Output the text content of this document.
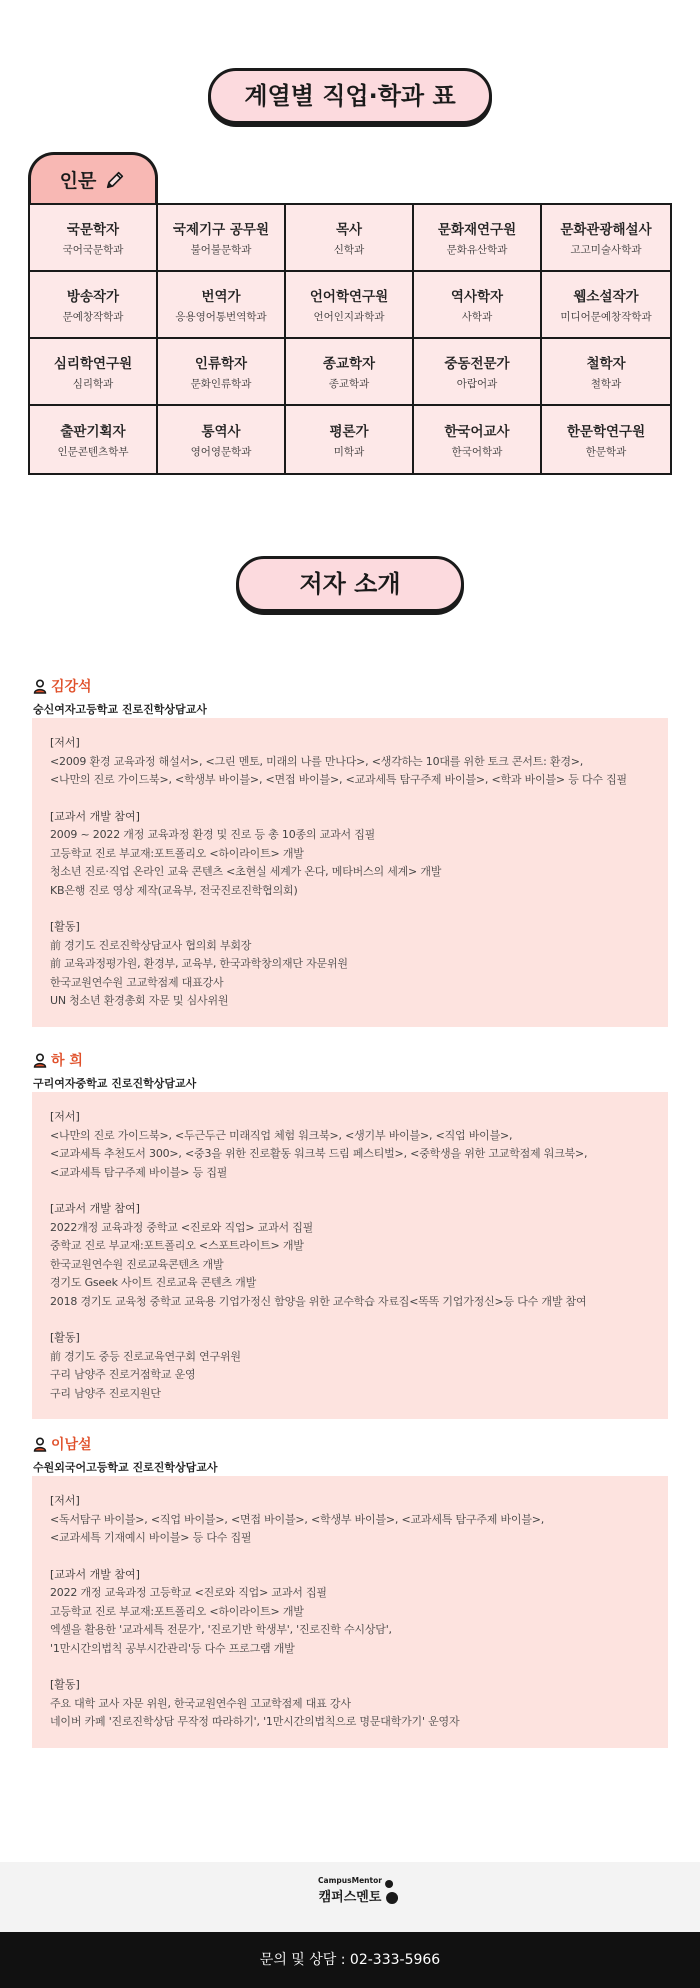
계열별 직업·학과 표
인문
국문학자
국어국문학과
국제기구 공무원
불어불문학과
목사
신학과
문화재연구원
문화유산학과
문화관광해설사
고고미술사학과
방송작가
문예창작학과
번역가
응용영어통번역학과
언어학연구원
언어인지과학과
역사학자
사학과
웹소설작가
미디어문예창작학과
심리학연구원
심리학과
인류학자
문화인류학과
종교학자
종교학과
중동전문가
아랍어과
철학자
철학과
출판기획자
인문콘텐츠학부
통역사
영어영문학과
평론가
미학과
한국어교사
한국어학과
한문학연구원
한문학과
저자 소개
김강석
숭신여자고등학교 진로진학상담교사
[저서]
<2009 환경 교육과정 해설서>, <그린 멘토, 미래의 나를 만나다>, <생각하는 10대를 위한 토크 콘서트: 환경>,
<나만의 진로 가이드북>, <학생부 바이블>, <면접 바이블>, <교과세특 탐구주제 바이블>, <학과 바이블> 등 다수 집필
[교과서 개발 참여]
2009 ~ 2022 개정 교육과정 환경 및 진로 등 총 10종의 교과서 집필
고등학교 진로 부교재:포트폴리오 <하이라이트> 개발
청소년 진로·직업 온라인 교육 콘텐츠 <초현실 세계가 온다, 메타버스의 세계> 개발
KB은행 진로 영상 제작(교육부, 전국진로진학협의회)
[활동]
前 경기도 진로진학상담교사 협의회 부회장
前 교육과정평가원, 환경부, 교육부, 한국과학창의재단 자문위원
한국교원연수원 고교학점제 대표강사
UN 청소년 환경총회 자문 및 심사위원
하 희
구리여자중학교 진로진학상담교사
[저서]
<나만의 진로 가이드북>, <두근두근 미래직업 체험 워크북>, <생기부 바이블>, <직업 바이블>,
<교과세특 추천도서 300>, <중3을 위한 진로활동 워크북 드림 페스티벌>, <중학생을 위한 고교학점제 워크북>,
<교과세특 탐구주제 바이블> 등 집필
[교과서 개발 참여]
2022개정 교육과정 중학교 <진로와 직업> 교과서 집필
중학교 진로 부교재:포트폴리오 <스포트라이트> 개발
한국교원연수원 진로교육콘텐츠 개발
경기도 Gseek 사이트 진로교육 콘텐츠 개발
2018 경기도 교육청 중학교 교육용 기업가정신 함양을 위한 교수학습 자료집<똑똑 기업가정신>등 다수 개발 참여
[활동]
前 경기도 중등 진로교육연구회 연구위원
구리 남양주 진로거점학교 운영
구리 남양주 진로지원단
이남설
수원외국어고등학교 진로진학상담교사
[저서]
<독서탐구 바이블>, <직업 바이블>, <면접 바이블>, <학생부 바이블>, <교과세특 탐구주제 바이블>,
<교과세특 기재예시 바이블> 등 다수 집필
[교과서 개발 참여]
2022 개정 교육과정 고등학교 <진로와 직업> 교과서 집필
고등학교 진로 부교재:포트폴리오 <하이라이트> 개발
엑셀을 활용한 '교과세특 전문가', '진로기반 학생부', '진로진학 수시상담',
'1만시간의법칙 공부시간관리'등 다수 프로그램 개발
[활동]
주요 대학 교사 자문 위원, 한국교원연수원 고교학점제 대표 강사
네이버 카페 '진로진학상담 무작정 따라하기', '1만시간의법칙으로 명문대학가기' 운영자
CampusMentor
캠퍼스멘토
문의 및 상담 : 02-333-5966
